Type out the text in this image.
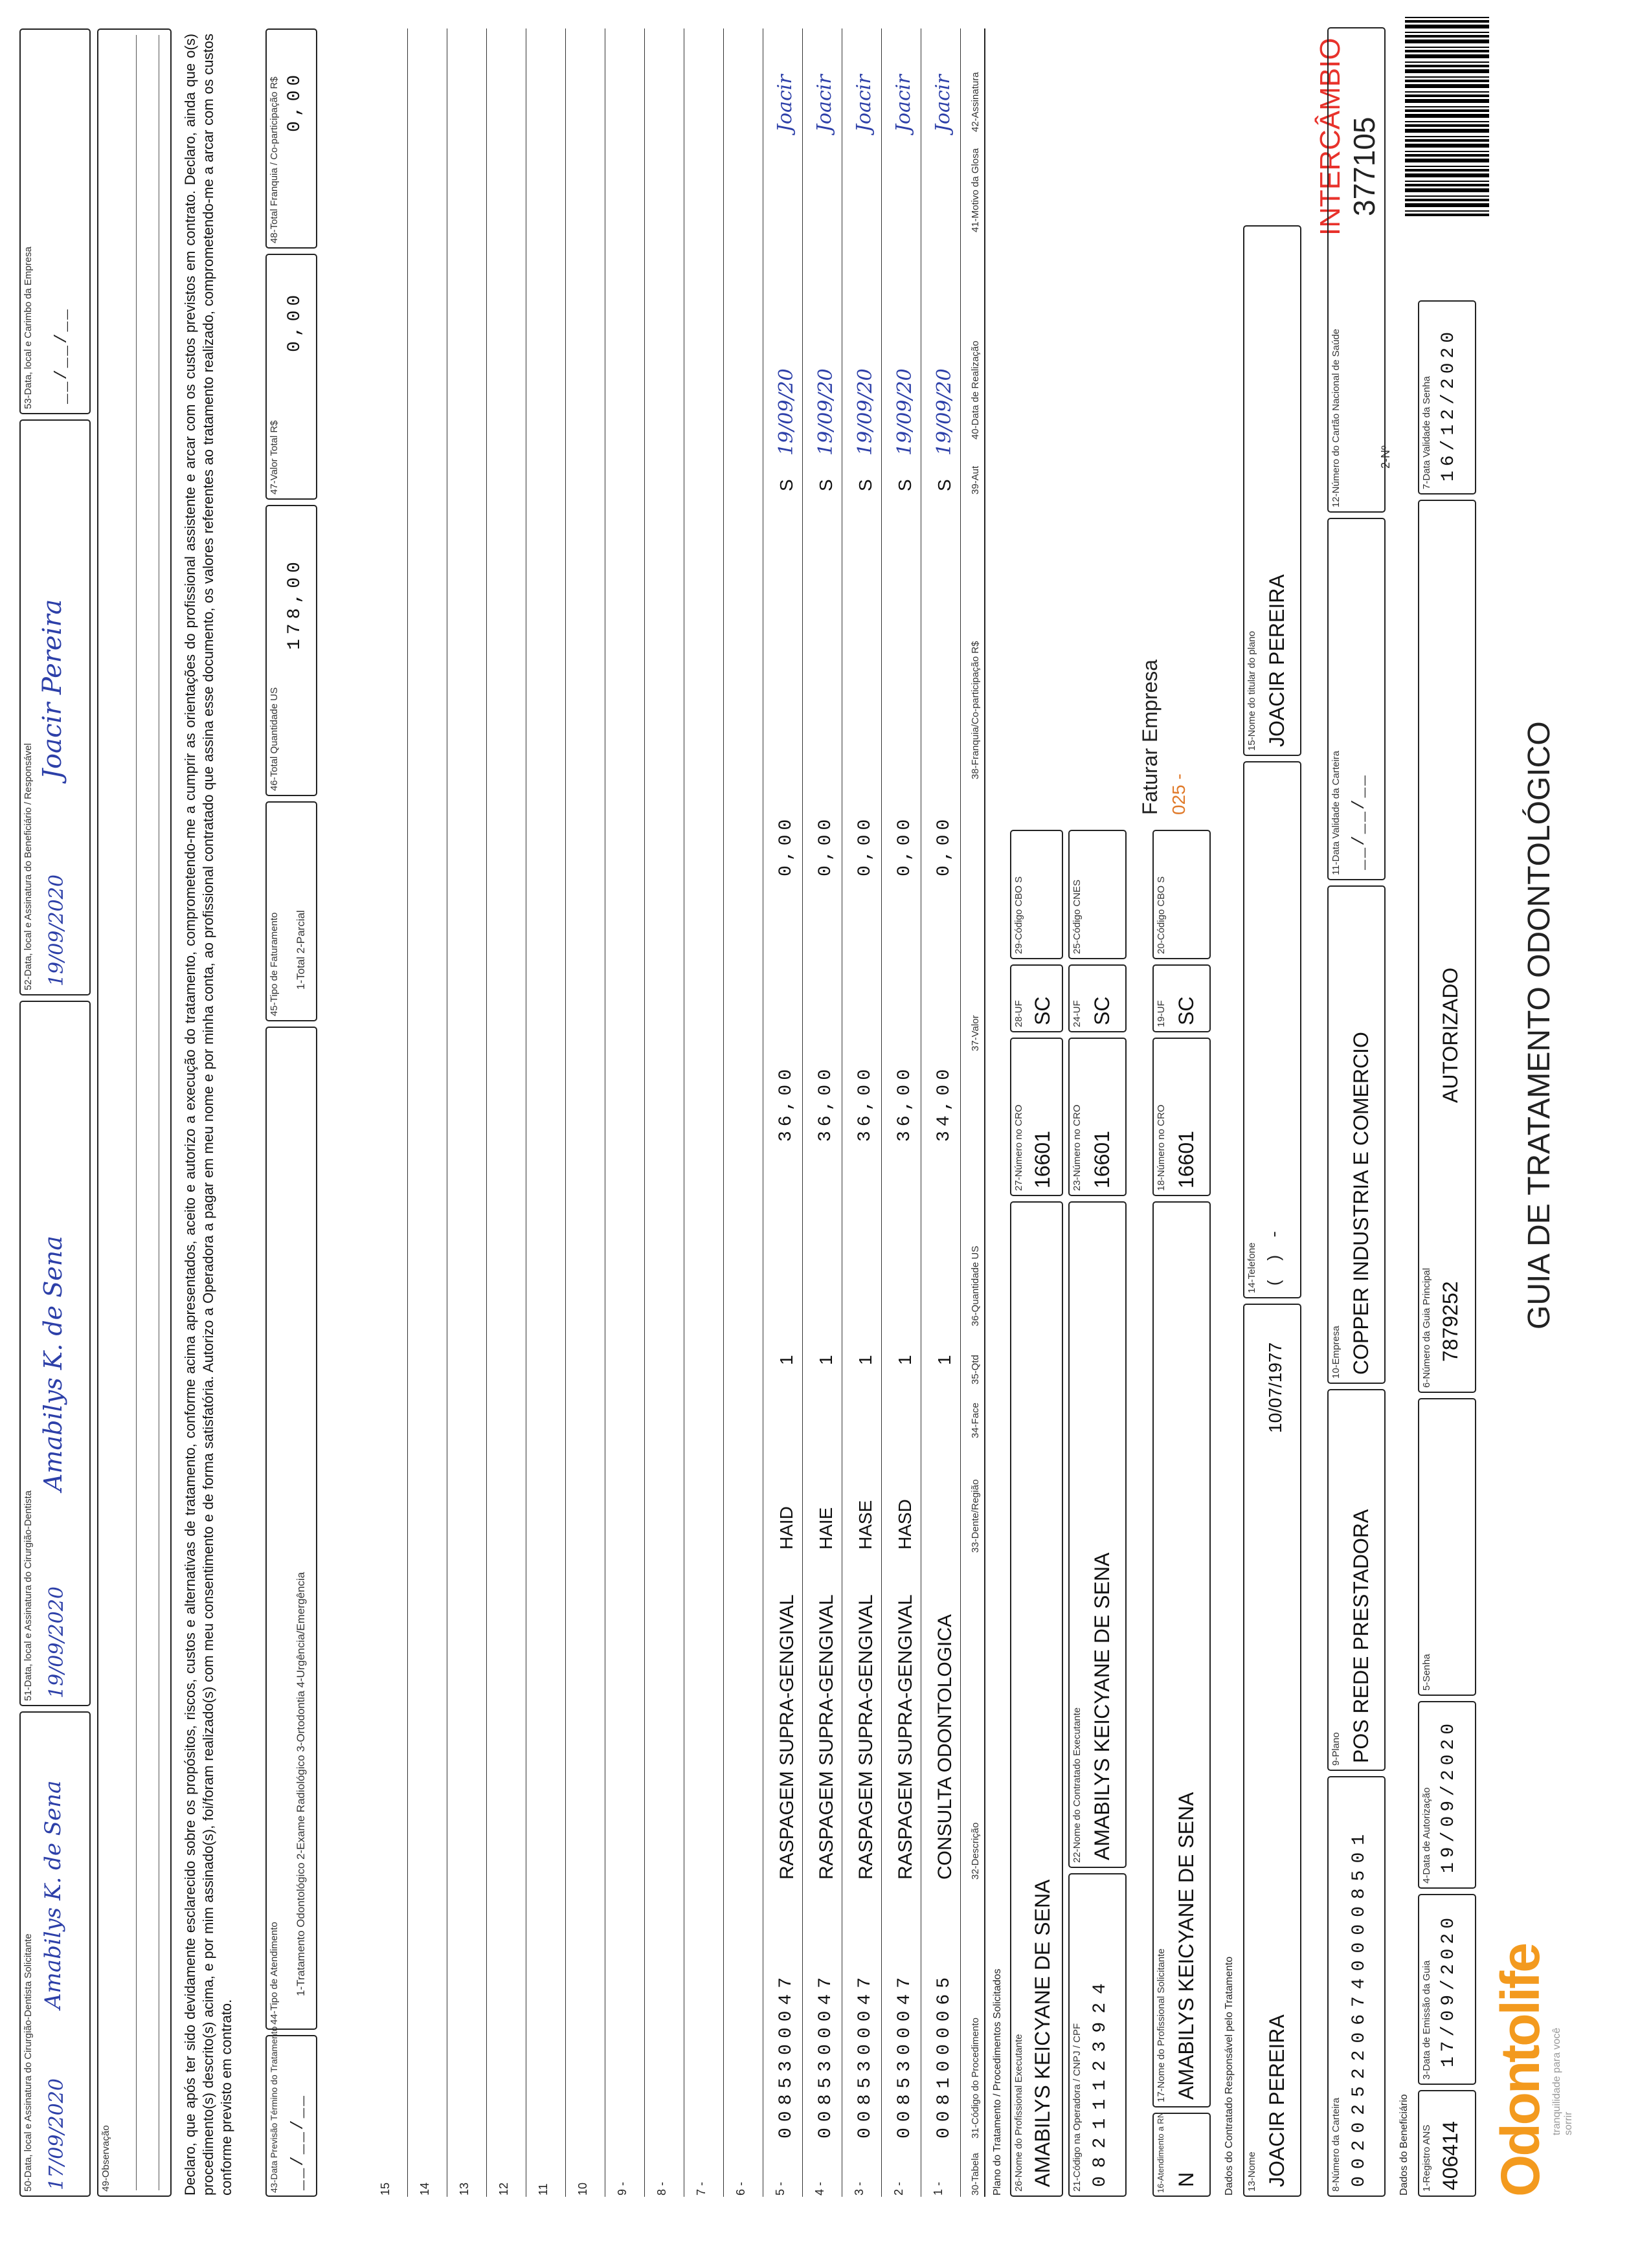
Odontolife tranquilidade para você sorrir
GUIA DE TRATAMENTO ODONTOLÓGICO
2-Nº
377105
INTERCÂMBIO
1-Registro ANS 406414
3-Data de Emissão da Guia 17/09/2020
4-Data de Autorização 19/09/2020
5-Senha
AUTORIZADO
6-Número da Guia Principal 7879252
7-Data Validade da Senha 16/12/2020
Dados do Beneficiário
8-Número da Carteira 00202522067400008501
9-Plano POS REDE PRESTADORA
10-Empresa COPPER INDUSTRIA E COMERCIO
11-Data Validade da Carteira __/__/__
12-Número do Cartão Nacional de Saúde
13-Nome JOACIR PEREIRA
10/07/1977
14-Telefone ( ) -
15-Nome do titular do plano JOACIR PEREIRA
Dados do Contratado Responsável pelo Tratamento
16-Atendimento a RN N
17-Nome do Profissional Solicitante AMABILYS KEICYANE DE SENA
18-Número no CRO 16601
19-UF SC
20-Código CBO S
025 -
Faturar Empresa
21-Código na Operadora / CNPJ / CPF 08211123924
22-Nome do Contratado Executante AMABILYS KEICYANE DE SENA
23-Número no CRO 16601
24-UF SC
25-Código CNES
26-Nome do Profissional Executante AMABILYS KEICYANE DE SENA
27-Número no CRO 16601
28-UF SC
29-Código CBO S
Plano do Tratamento / Procedimentos Solicitados
30-Tabela
31-Código do Procedimento
32-Descrição
33-Dente/Região
34-Face
35-Qtd
36-Quantidade US
37-Valor
38-Franquia/Co-participação R$
39-Aut
40-Data de Realização
41-Motivo da Glosa
42-Assinatura
1 -
0081000065
CONSULTA ODONTOLOGICA
1
34,00
0,00
S
19/09/20
Joacir
2 -
0085300047
RASPAGEM SUPRA-GENGIVAL
HASD
1
36,00
0,00
S
19/09/20
Joacir
3 -
0085300047
RASPAGEM SUPRA-GENGIVAL
HASE
1
36,00
0,00
S
19/09/20
Joacir
4 -
0085300047
RASPAGEM SUPRA-GENGIVAL
HAIE
1
36,00
0,00
S
19/09/20
Joacir
5 -
0085300047
RASPAGEM SUPRA-GENGIVAL
HAID
1
36,00
0,00
S
19/09/20
Joacir
6 -
7 -
8 -
9 -
10
11
12
13
14
15
43-Data Previsão Término do Tratamento __/__/__
44-Tipo de Atendimento 1-Tratamento Odontológico 2-Exame Radiológico 3-Ortodontia 4-Urgência/Emergência
45-Tipo de Faturamento 1-Total 2-Parcial
46-Total Quantidade US
178,00
47-Valor Total R$
0,00
48-Total Franquia / Co-participação R$ 0,00
Declaro, que após ter sido devidamente esclarecido sobre os propósitos, riscos, custos e alternativas de tratamento, conforme acima apresentados, aceito e autorizo a execução do tratamento, comprometendo-me a cumprir as orientações do profissional assistente e arcar com os custos previstos em contrato. Declaro, ainda que o(s) procedimento(s) descrito(s) acima, e por mim assinado(s), foi/foram realizado(s) com meu consentimento e de forma satisfatória. Autorizo a Operadora a pagar em meu nome e por minha conta, ao profissional contratado que assina esse documento, os valores referentes ao tratamento realizado, comprometendo-me a arcar com os custos conforme previsto em contrato.
49-Observação
50-Data, local e Assinatura do Cirurgião-Dentista Solicitante 17/09/2020
Amabilys K. de Sena
51-Data, local e Assinatura do Cirurgião-Dentista 19/09/2020
Amabilys K. de Sena
52-Data, local e Assinatura do Beneficiário / Responsável 19/09/2020
Joacir Pereira
53-Data, local e Carimbo da Empresa __/__/__
